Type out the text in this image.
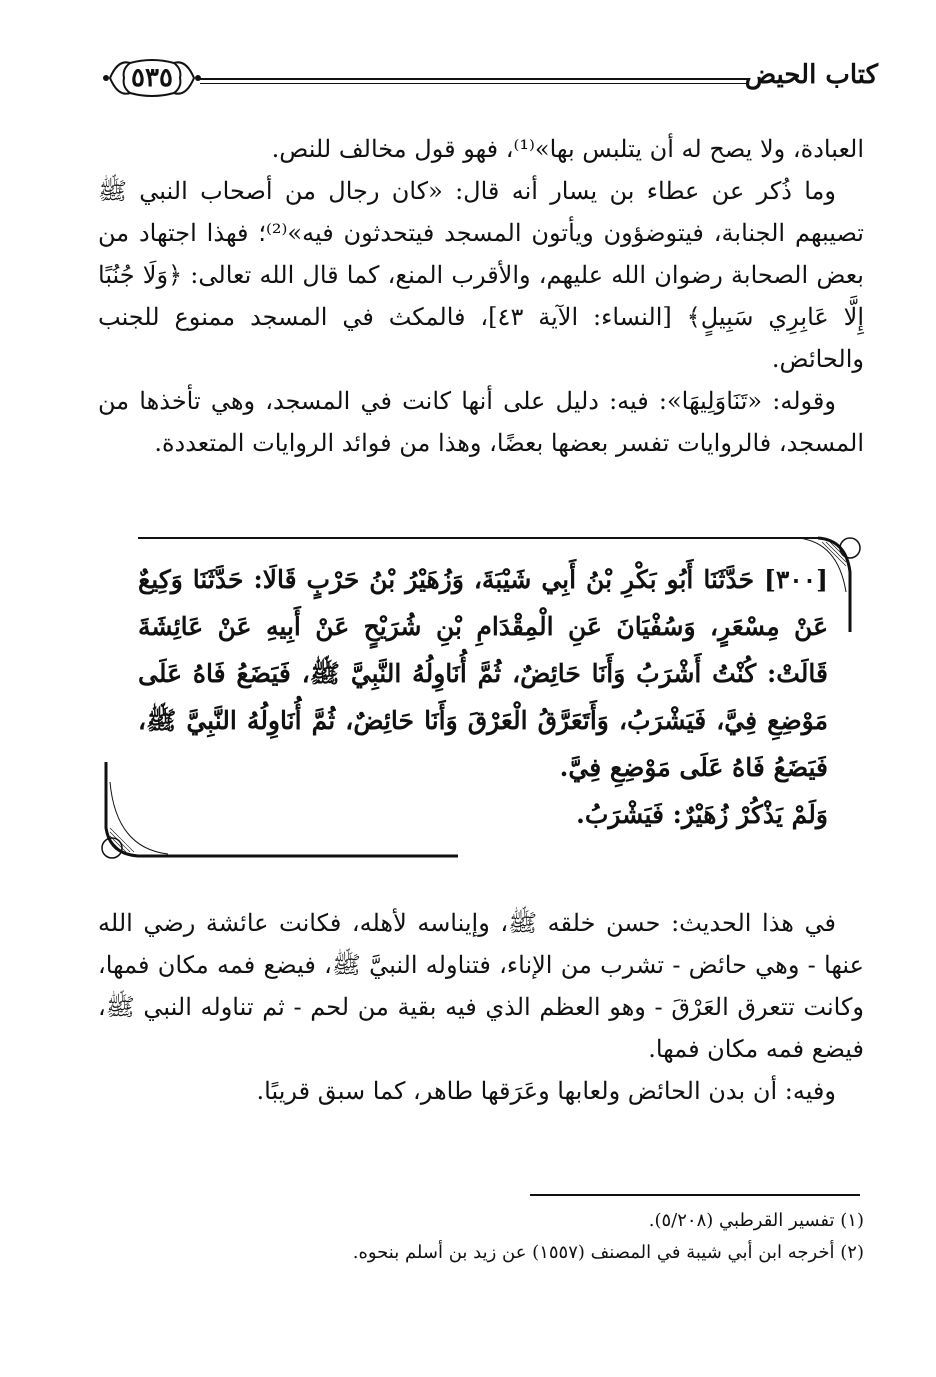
كتاب الحيض
٥٣٥

العبادة، ولا يصح له أن يتلبس بها»⁽¹⁾، فهو قول مخالف للنص.

وما ذُكر عن عطاء بن يسار أنه قال: «كان رجال من أصحاب النبي ﷺ تصيبهم الجنابة، فيتوضؤون ويأتون المسجد فيتحدثون فيه»⁽²⁾؛ فهذا اجتهاد من بعض الصحابة رضوان الله عليهم، والأقرب المنع، كما قال الله تعالى: ﴿وَلَا جُنُبًا إِلَّا عَابِرِي سَبِيلٍ﴾ [النساء: الآية ٤٣]، فالمكث في المسجد ممنوع للجنب والحائض.

وقوله: «تَنَاوَلِيهَا»: فيه: دليل على أنها كانت في المسجد، وهي تأخذها من المسجد، فالروايات تفسر بعضها بعضًا، وهذا من فوائد الروايات المتعددة.

[٣٠٠] حَدَّثَنَا أَبُو بَكْرِ بْنُ أَبِي شَيْبَةَ، وَزُهَيْرُ بْنُ حَرْبٍ قَالَا: حَدَّثَنَا وَكِيعٌ عَنْ مِسْعَرٍ، وَسُفْيَانَ عَنِ الْمِقْدَامِ بْنِ شُرَيْحٍ عَنْ أَبِيهِ عَنْ عَائِشَةَ قَالَتْ: كُنْتُ أَشْرَبُ وَأَنَا حَائِضٌ، ثُمَّ أُنَاوِلُهُ النَّبِيَّ ﷺ، فَيَضَعُ فَاهُ عَلَى مَوْضِعِ فِيَّ، فَيَشْرَبُ، وَأَتَعَرَّقُ الْعَرْقَ وَأَنَا حَائِضٌ، ثُمَّ أُنَاوِلُهُ النَّبِيَّ ﷺ، فَيَضَعُ فَاهُ عَلَى مَوْضِعِ فِيَّ.

وَلَمْ يَذْكُرْ زُهَيْرٌ: فَيَشْرَبُ.

في هذا الحديث: حسن خلقه ﷺ، وإيناسه لأهله، فكانت عائشة رضي الله عنها - وهي حائض - تشرب من الإناء، فتناوله النبيَّ ﷺ، فيضع فمه مكان فمها، وكانت تتعرق العَرْقَ - وهو العظم الذي فيه بقية من لحم - ثم تناوله النبي ﷺ، فيضع فمه مكان فمها.

وفيه: أن بدن الحائض ولعابها وعَرَقها طاهر، كما سبق قريبًا.

(١) تفسير القرطبي (٥/٢٠٨).

(٢) أخرجه ابن أبي شيبة في المصنف (١٥٥٧) عن زيد بن أسلم بنحوه.
